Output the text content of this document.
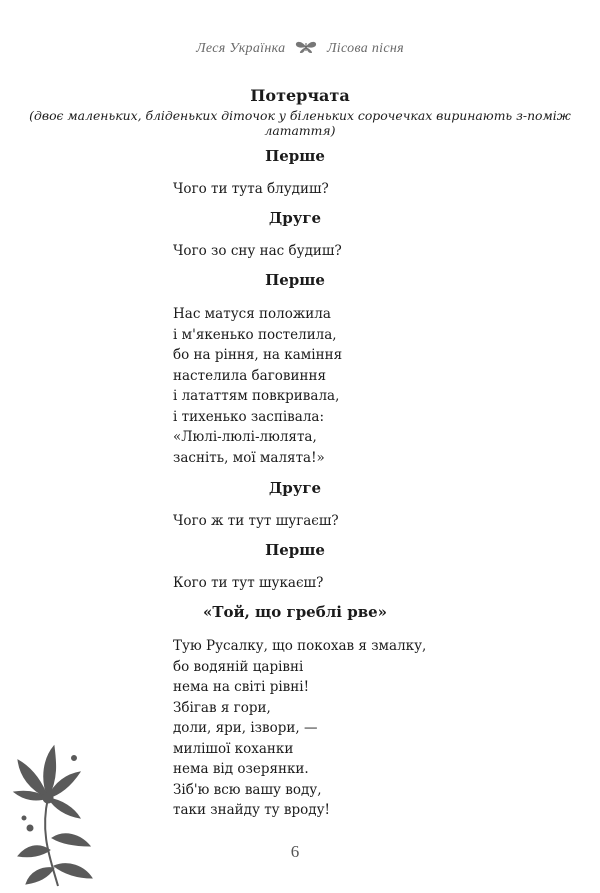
Леся Українка	Лісова пісня
Потерчата
(двоє маленьких, бліденьких діточок у біленьких сорочечках виринають з-поміж латаття)
Перше
Чого ти тута блудиш?
Друге
Чого зо сну нас будиш?
Перше
Нас матуся положила
і м'якенько постелила,
бо на ріння, на каміння
настелила баговиння
і лататтям повкривала,
і тихенько заспівала:
«Люлі-люлі-люлята,
засніть, мої малята!»
Друге
Чого ж ти тут шугаєш?
Перше
Кого ти тут шукаєш?
«Той, що греблі рве»
Тую Русалку, що покохав я змалку,
бо водяній царівні
нема на світі рівні!
Збігав я гори,
доли, яри, ізвори, —
милішої коханки
нема від озерянки.
Зіб'ю всю вашу воду,
таки знайду ту вроду!
6
